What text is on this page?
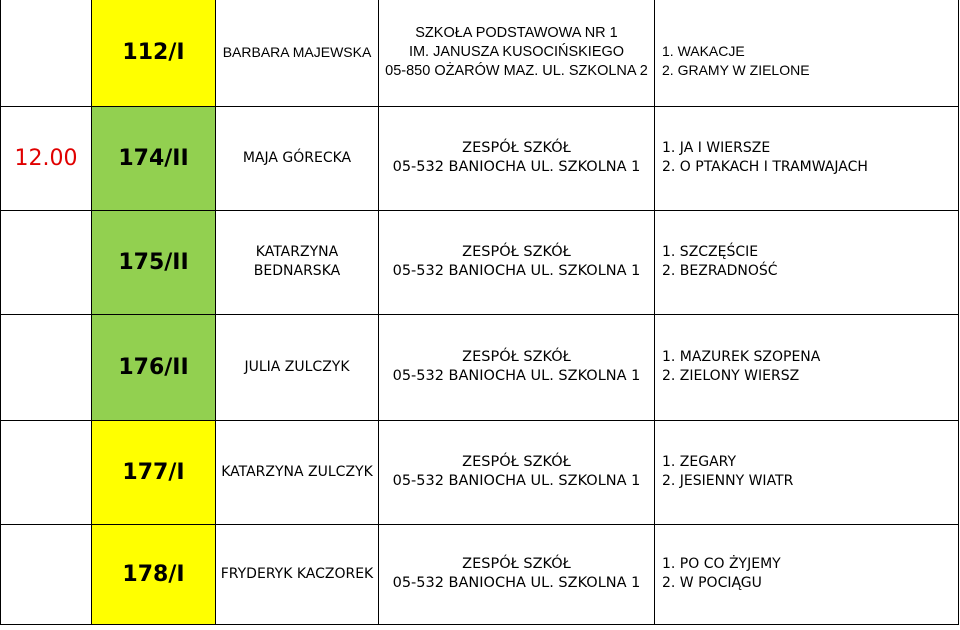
	112/I	BARBARA MAJEWSKA	SZKOŁA PODSTAWOWA NR 1
IM. JANUSZA KUSOCIŃSKIEGO
05-850 OŻARÓW MAZ. UL. SZKOLNA 2	1. WAKACJE
2. GRAMY W ZIELONE

12.00	174/II	MAJA GÓRECKA	ZESPÓŁ SZKÓŁ
05-532 BANIOCHA UL. SZKOLNA 1	1. JA I WIERSZE
2. O PTAKACH I TRAMWAJACH

	175/II	KATARZYNA
BEDNARSKA	ZESPÓŁ SZKÓŁ
05-532 BANIOCHA UL. SZKOLNA 1	1. SZCZĘŚCIE
2. BEZRADNOŚĆ

	176/II	JULIA ZULCZYK	ZESPÓŁ SZKÓŁ
05-532 BANIOCHA UL. SZKOLNA 1	1. MAZUREK SZOPENA
2. ZIELONY WIERSZ

	177/I	KATARZYNA ZULCZYK	ZESPÓŁ SZKÓŁ
05-532 BANIOCHA UL. SZKOLNA 1	1. ZEGARY
2. JESIENNY WIATR

	178/I	FRYDERYK KACZOREK	ZESPÓŁ SZKÓŁ
05-532 BANIOCHA UL. SZKOLNA 1	1. PO CO ŻYJEMY
2. W POCIĄGU
